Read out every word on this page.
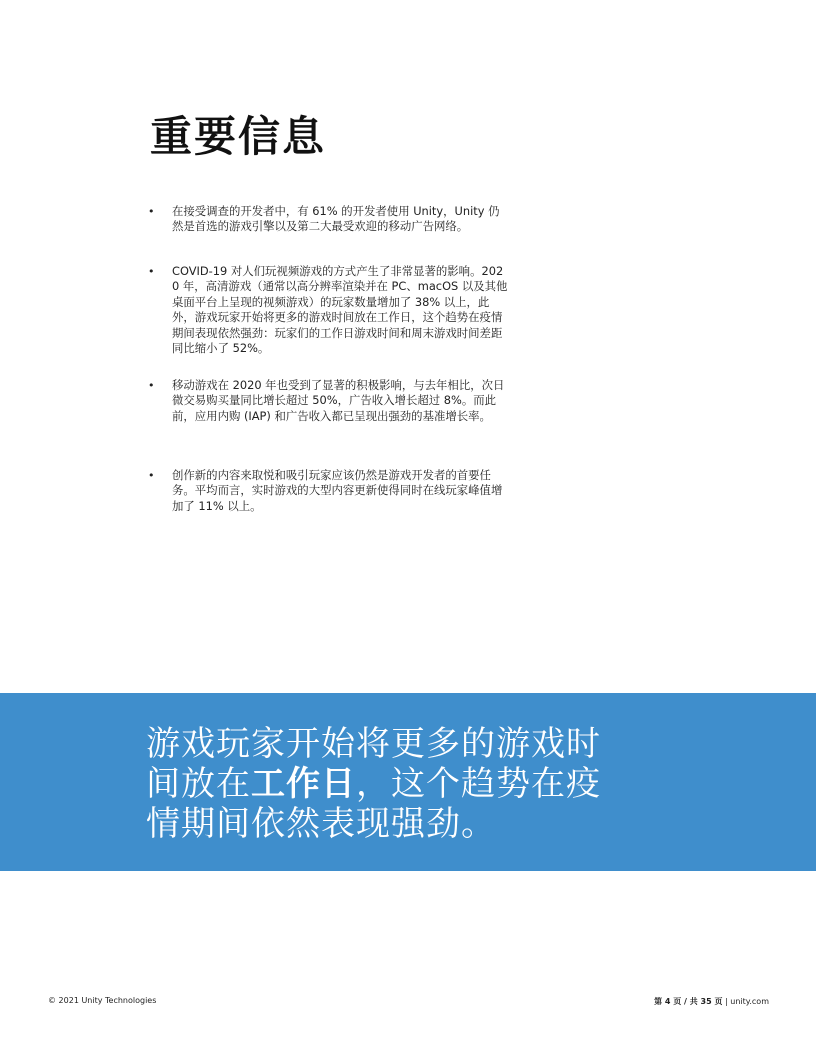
重要信息
•	在接受调查的开发者中，有 61% 的开发者使用 Unity，Unity 仍然是首选的游戏引擎以及第二大最受欢迎的移动广告网络。
•	COVID-19 对人们玩视频游戏的方式产生了非常显著的影响。2020 年，高清游戏（通常以高分辨率渲染并在 PC、macOS 以及其他桌面平台上呈现的视频游戏）的玩家数量增加了 38% 以上，此外，游戏玩家开始将更多的游戏时间放在工作日，这个趋势在疫情期间表现依然强劲：玩家们的工作日游戏时间和周末游戏时间差距同比缩小了 52%。
•	移动游戏在 2020 年也受到了显著的积极影响，与去年相比，次日微交易购买量同比增长超过 50%，广告收入增长超过 8%。而此前，应用内购 (IAP) 和广告收入都已呈现出强劲的基准增长率。
•	创作新的内容来取悦和吸引玩家应该仍然是游戏开发者的首要任务。平均而言，实时游戏的大型内容更新使得同时在线玩家峰值增加了 11% 以上。

游戏玩家开始将更多的游戏时间放在工作日，这个趋势在疫情期间依然表现强劲。

© 2021 Unity Technologies	第 4 页 / 共 35 页 | unity.com
